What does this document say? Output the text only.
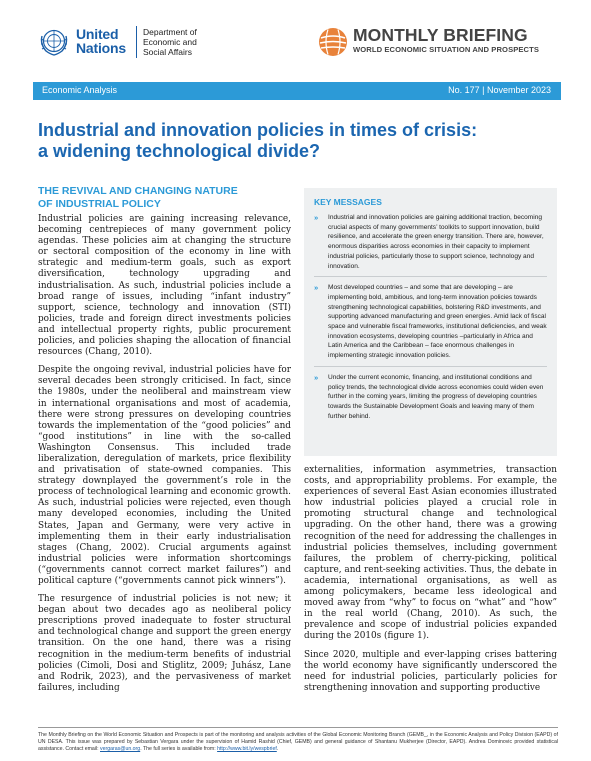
United
Nations
Department of
Economic and
Social Affairs
MONTHLY BRIEFING
WORLD ECONOMIC SITUATION AND PROSPECTS
Economic Analysis	No. 177 | November 2023
Industrial and innovation policies in times of crisis:
a widening technological divide?
THE REVIVAL AND CHANGING NATURE
OF INDUSTRIAL POLICY

Industrial policies are gaining increasing relevance, becoming centrepieces of many government policy agendas. These policies aim at changing the structure or sectoral composition of the economy in line with strategic and medium-term goals, such as export diversification, technology upgrading and industrialisation. As such, industrial policies include a broad range of issues, including “infant industry” support, science, technology and innovation (STI) policies, trade and foreign direct investments policies and intellectual property rights, public procurement policies, and policies shaping the allocation of financial resources (Chang, 2010).

Despite the ongoing revival, industrial policies have for several decades been strongly criticised. In fact, since the 1980s, under the neoliberal and mainstream view in international organisations and most of academia, there were strong pressures on developing countries towards the implementation of the “good policies” and “good institutions” in line with the so-called Washington Consensus. This included trade liberalization, deregulation of markets, price flexibility and privatisation of state-owned companies. This strategy downplayed the government’s role in the process of technological learning and economic growth. As such, industrial policies were rejected, even though many developed economies, including the United States, Japan and Germany, were very active in implementing them in their early industrialisation stages (Chang, 2002). Crucial arguments against industrial policies were information shortcomings (“governments cannot correct market failures”) and political capture (“governments cannot pick winners”).

The resurgence of industrial policies is not new; it began about two decades ago as neoliberal policy prescriptions proved inadequate to foster structural and technological change and support the green energy transition. On the one hand, there was a rising recognition in the medium-term benefits of industrial policies (Cimoli, Dosi and Stiglitz, 2009; Juhász, Lane and Rodrik, 2023), and the pervasiveness of market failures, including

KEY MESSAGES
» Industrial and innovation policies are gaining additional traction, becoming crucial aspects of many governments’ toolkits to support innovation, build resilience, and accelerate the green energy transition. There are, however, enormous disparities across economies in their capacity to implement industrial policies, particularly those to support science, technology and innovation.
» Most developed countries – and some that are developing – are implementing bold, ambitious, and long-term innovation policies towards strengthening technological capabilities, bolstering R&D investments, and supporting advanced manufacturing and green energies. Amid lack of fiscal space and vulnerable fiscal frameworks, institutional deficiencies, and weak innovation ecosystems, developing countries –particularly in Africa and Latin America and the Caribbean – face enormous challenges in implementing strategic innovation policies.
» Under the current economic, financing, and institutional conditions and policy trends, the technological divide across economies could widen even further in the coming years, limiting the progress of developing countries towards the Sustainable Development Goals and leaving many of them further behind.

externalities, information asymmetries, transaction costs, and appropriability problems. For example, the experiences of several East Asian economies illustrated how industrial policies played a crucial role in promoting structural change and technological upgrading. On the other hand, there was a growing recognition of the need for addressing the challenges in industrial policies themselves, including government failures, the problem of cherry-picking, political capture, and rent-seeking activities. Thus, the debate in academia, international organisations, as well as among policymakers, became less ideological and moved away from “why” to focus on “what” and “how” in the real world (Chang, 2010). As such, the prevalence and scope of industrial policies expanded during the 2010s (figure 1).

Since 2020, multiple and ever-lapping crises battering the world economy have significantly underscored the need for industrial policies, particularly policies for strengthening innovation and supporting productive

The Monthly Briefing on the World Economic Situation and Prospects is part of the monitoring and analysis activities of the Global Economic Monitoring Branch (GEMB_, in the Economic Analysis and Policy Division (EAPD) of UN DESA. This issue was prepared by Sebastian Vergara under the supervision of Hamid Rashid (Chief, GEMB) and general guidance of Shantanu Mukherjee (Director, EAPD). Andrea Dominovic provided statistical assistance. Contact email: vergaras@un.org. The full series is available from: http://www.bit.ly/wespbrief.
